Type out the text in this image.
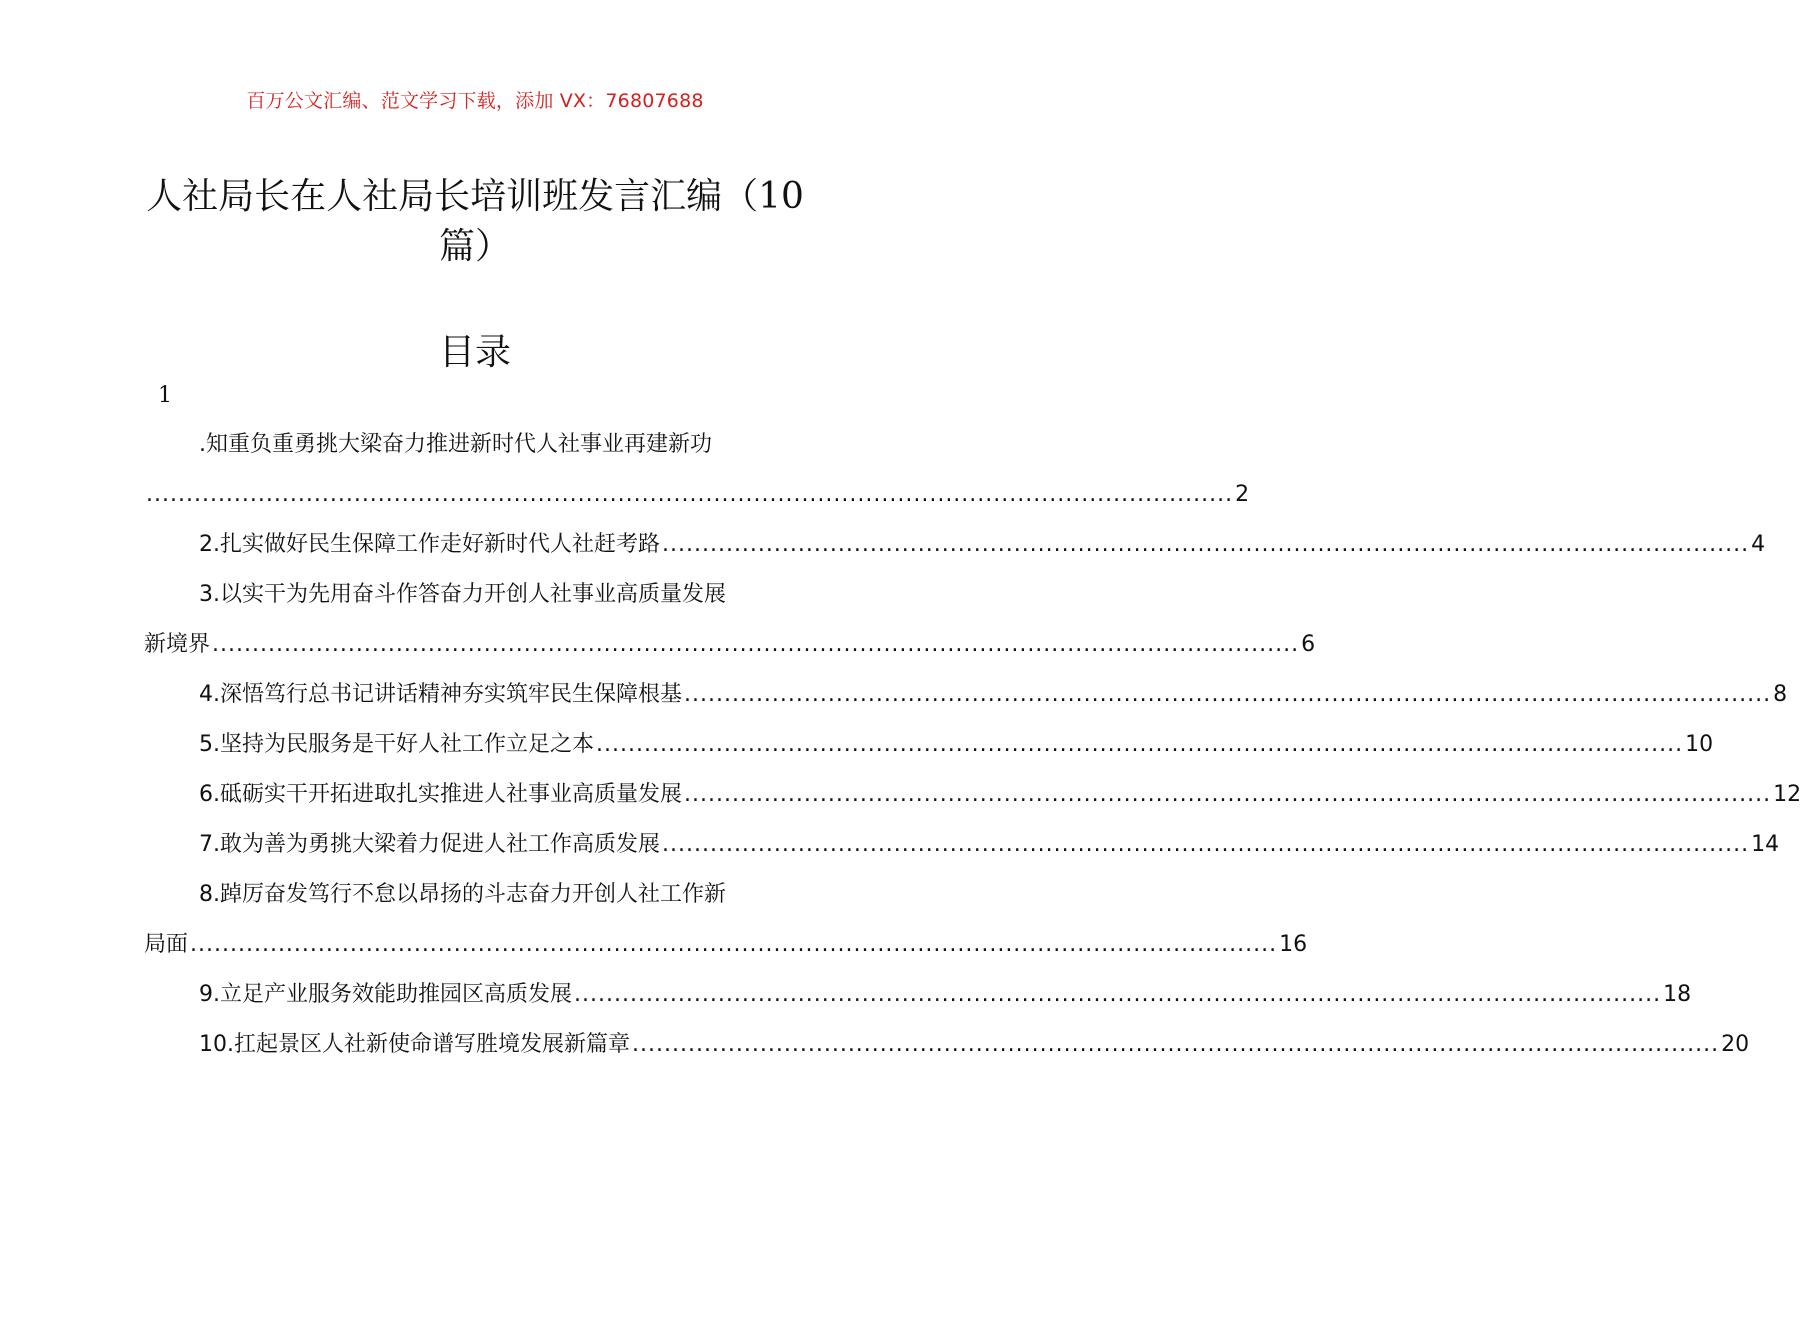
百万公文汇编、范文学习下载，添加 VX：76807688
人社局长在人社局长培训班发言汇编（10
篇）
目录
1
.知重负重勇挑大梁奋力推进新时代人社事业再建新功
........................................................................................................................................ 2
2.扎实做好民生保障工作走好新时代人社赶考路 ........................................................................................................................................ 4
3.以实干为先用奋斗作答奋力开创人社事业高质量发展
新境界 ........................................................................................................................................ 6
4.深悟笃行总书记讲话精神夯实筑牢民生保障根基 ........................................................................................................................................ 8
5.坚持为民服务是干好人社工作立足之本 ........................................................................................................................................ 10
6.砥砺实干开拓进取扎实推进人社事业高质量发展 ........................................................................................................................................ 12
7.敢为善为勇挑大梁着力促进人社工作高质发展 ........................................................................................................................................ 14
8.踔厉奋发笃行不怠以昂扬的斗志奋力开创人社工作新
局面 ........................................................................................................................................ 16
9.立足产业服务效能助推园区高质发展 ........................................................................................................................................ 18
10.扛起景区人社新使命谱写胜境发展新篇章 ........................................................................................................................................ 20
